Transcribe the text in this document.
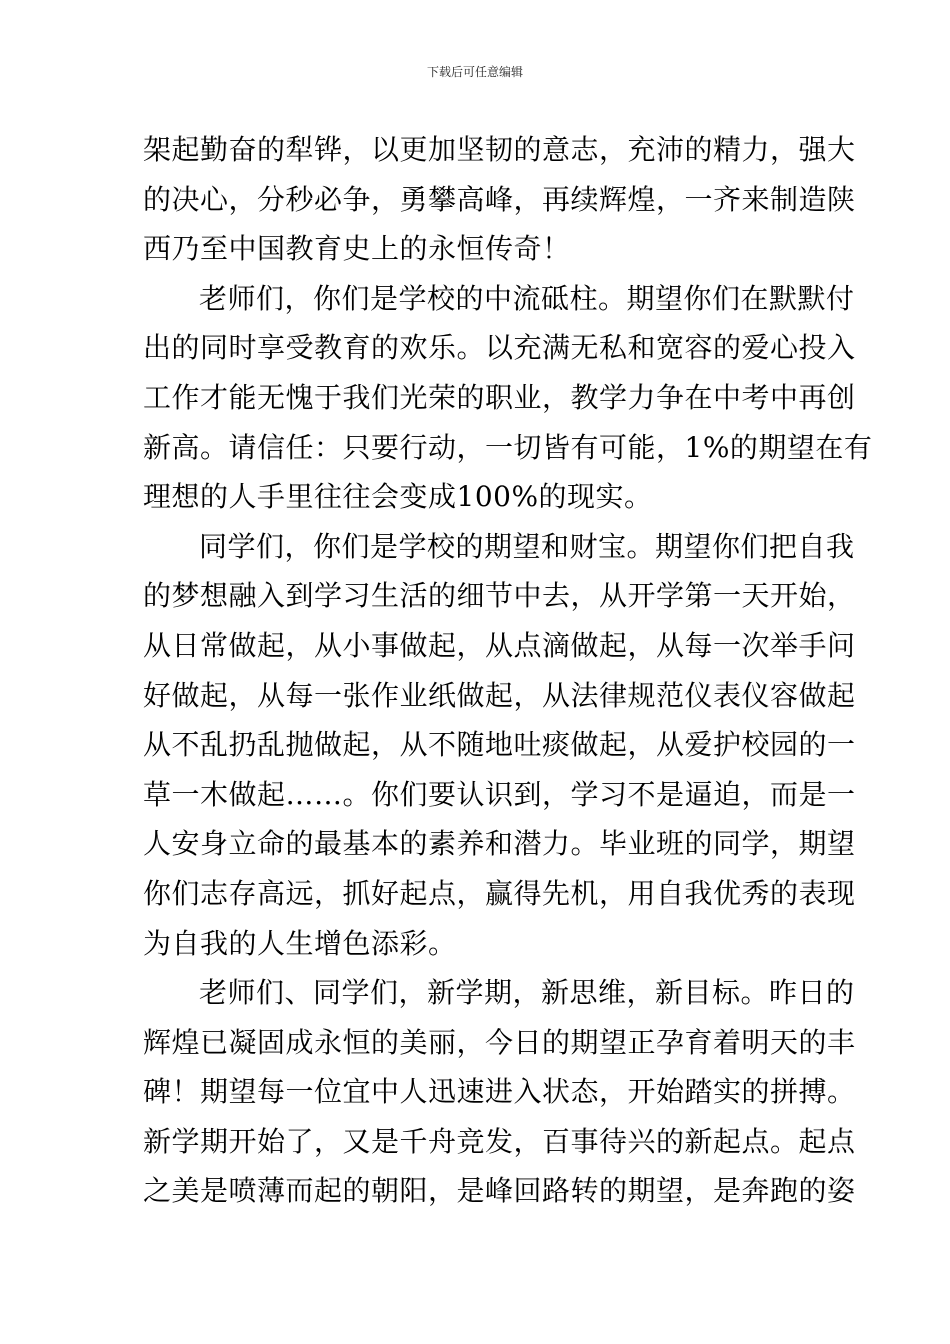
下载后可任意编辑
架起勤奋的犁铧，以更加坚韧的意志，充沛的精力，强大
的决心，分秒必争，勇攀高峰，再续辉煌，一齐来制造陕
西乃至中国教育史上的永恒传奇！
老师们，你们是学校的中流砥柱。期望你们在默默付
出的同时享受教育的欢乐。以充满无私和宽容的爱心投入
工作才能无愧于我们光荣的职业，教学力争在中考中再创
新高。请信任：只要行动，一切皆有可能，1%的期望在有
理想的人手里往往会变成100%的现实。
同学们，你们是学校的期望和财宝。期望你们把自我
的梦想融入到学习生活的细节中去，从开学第一天开始，
从日常做起，从小事做起，从点滴做起，从每一次举手问
好做起，从每一张作业纸做起，从法律规范仪表仪容做起
从不乱扔乱抛做起，从不随地吐痰做起，从爱护校园的一
草一木做起……。你们要认识到，学习不是逼迫，而是一
人安身立命的最基本的素养和潜力。毕业班的同学，期望
你们志存高远，抓好起点，赢得先机，用自我优秀的表现
为自我的人生增色添彩。
老师们、同学们，新学期，新思维，新目标。昨日的
辉煌已凝固成永恒的美丽，今日的期望正孕育着明天的丰
碑！期望每一位宜中人迅速进入状态，开始踏实的拼搏。
新学期开始了，又是千舟竞发，百事待兴的新起点。起点
之美是喷薄而起的朝阳，是峰回路转的期望，是奔跑的姿
